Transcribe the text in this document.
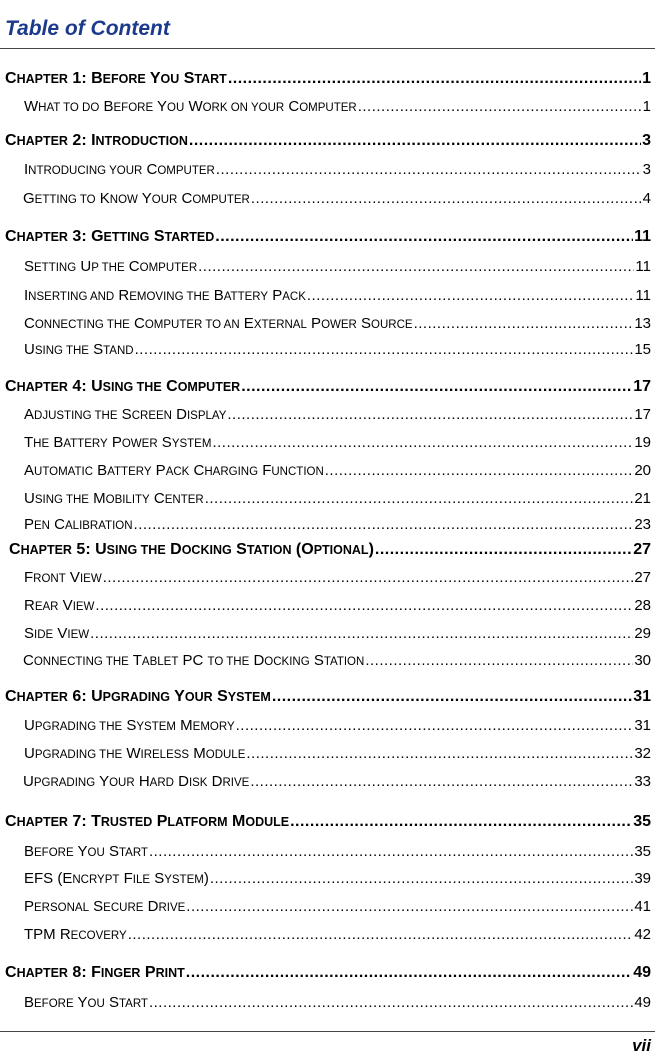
Table of Content
CHAPTER 1: BEFORE YOU START .....	1
WHAT TO DO BEFORE YOU WORK ON YOUR COMPUTER .....	1
CHAPTER 2: INTRODUCTION .....	3
INTRODUCING YOUR COMPUTER .....	3
GETTING TO KNOW YOUR COMPUTER .....	4
CHAPTER 3: GETTING STARTED .....	11
SETTING UP THE COMPUTER .....	11
INSERTING AND REMOVING THE BATTERY PACK .....	11
CONNECTING THE COMPUTER TO AN EXTERNAL POWER SOURCE .....	13
USING THE STAND .....	15
CHAPTER 4: USING THE COMPUTER .....	17
ADJUSTING THE SCREEN DISPLAY .....	17
THE BATTERY POWER SYSTEM .....	19
AUTOMATIC BATTERY PACK CHARGING FUNCTION .....	20
USING THE MOBILITY CENTER .....	21
PEN CALIBRATION .....	23
CHAPTER 5: USING THE DOCKING STATION (OPTIONAL) .....	27
FRONT VIEW .....	27
REAR VIEW .....	28
SIDE VIEW .....	29
CONNECTING THE TABLET PC TO THE DOCKING STATION .....	30
CHAPTER 6: UPGRADING YOUR SYSTEM .....	31
UPGRADING THE SYSTEM MEMORY .....	31
UPGRADING THE WIRELESS MODULE .....	32
UPGRADING YOUR HARD DISK DRIVE .....	33
CHAPTER 7: TRUSTED PLATFORM MODULE .....	35
BEFORE YOU START .....	35
EFS (ENCRYPT FILE SYSTEM) .....	39
PERSONAL SECURE DRIVE .....	41
TPM RECOVERY .....	42
CHAPTER 8: FINGER PRINT .....	49
BEFORE YOU START .....	49
vii
